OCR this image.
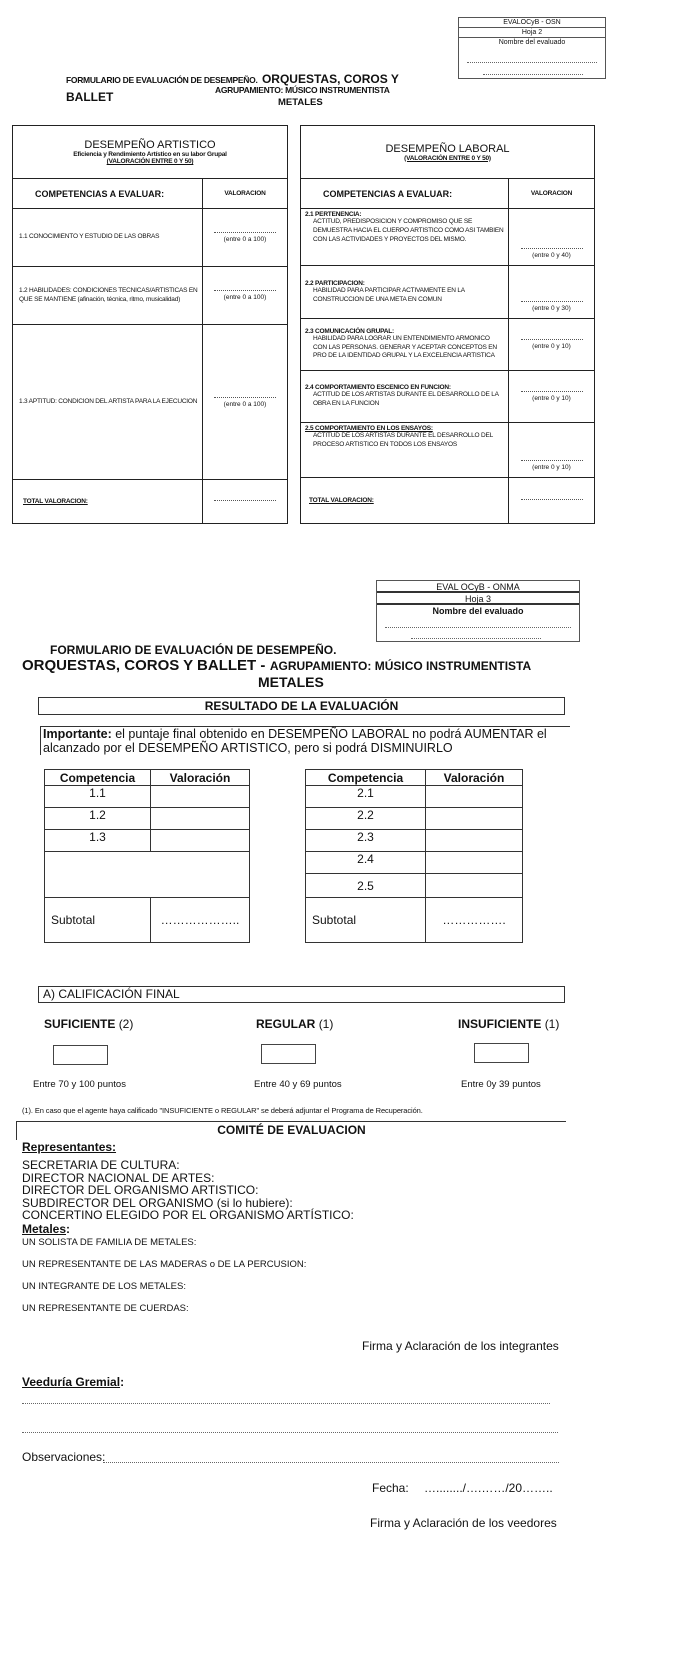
EVALOCyB - OSN
Hoja 2
Nombre del evaluado
FORMULARIO DE EVALUACIÓN DE DESEMPEÑO. ORQUESTAS, COROS Y BALLET	AGRUPAMIENTO: MÚSICO INSTRUMENTISTA
METALES
DESEMPEÑO ARTISTICO
Eficiencia y Rendimiento Artístico en su labor Grupal
(VALORACIÓN ENTRE 0 Y 50)	

COMPETENCIAS A EVALUAR:	VALORACION
1.1 CONOCIMIENTO Y ESTUDIO DE LAS OBRAS	(entre 0 a 100)
1.2 HABILIDADES: CONDICIONES TECNICAS/ARTISTICAS EN QUE SE MANTIENE (afinación, técnica, ritmo, musicalidad)	(entre 0 a 100)
1.3 APTITUD: CONDICION DEL ARTISTA PARA LA EJECUCION	(entre 0 a 100)
TOTAL VALORACION:	
DESEMPEÑO LABORAL
(VALORACIÓN ENTRE 0 Y 50)	

COMPETENCIAS A EVALUAR:	VALORACION

2.1 PERTENENCIA:
ACTITUD, PREDISPOSICION Y COMPROMISO QUE SE DEMUESTRA HACIA EL CUERPO ARTISTICO COMO ASI TAMBIEN CON LAS ACTIVIDADES Y PROYECTOS DEL MISMO.	(entre 0 y 40)

2.2 PARTICIPACION:
HABILIDAD PARA PARTICIPAR ACTIVAMENTE EN LA CONSTRUCCION DE UNA META EN COMUN	(entre 0 y 30)

2.3 COMUNICACIÓN GRUPAL:
HABILIDAD PARA LOGRAR UN ENTENDIMIENTO ARMONICO CON LAS PERSONAS. GENERAR Y ACEPTAR CONCEPTOS EN PRO DE LA IDENTIDAD GRUPAL Y LA EXCELENCIA ARTISTICA	(entre 0 y 10)

2.4 COMPORTAMIENTO ESCENICO EN FUNCION:
ACTITUD DE LOS ARTISTAS DURANTE EL DESARROLLO DE LA OBRA EN LA FUNCION	(entre 0 y 10)

2.5 COMPORTAMIENTO EN LOS ENSAYOS:
ACTITUD DE LOS ARTISTAS DURANTE EL DESARROLLO DEL PROCESO ARTISTICO EN TODOS LOS ENSAYOS	(entre 0 y 10)
TOTAL VALORACION:	
EVAL OCyB - ONMA
Hoja 3
Nombre del evaluado
FORMULARIO DE EVALUACIÓN DE DESEMPEÑO.
ORQUESTAS, COROS Y BALLET - AGRUPAMIENTO: MÚSICO INSTRUMENTISTA
METALES
RESULTADO DE LA EVALUACIÓN
Importante: el puntaje final obtenido en DESEMPEÑO LABORAL no podrá AUMENTAR el
alcanzado por el DESEMPEÑO ARTISTICO, pero si podrá DISMINUIRLO
Competencia	Valoración
1.1	
1.2	
1.3	

Subtotal	………………..
Competencia	Valoración
2.1	
2.2	
2.3	
2.4	
2.5	
Subtotal	…………….
A) CALIFICACIÓN FINAL
SUFICIENTE (2)	REGULAR (1)	INSUFICIENTE (1)
Entre 70 y 100 puntos	Entre 40 y 69 puntos	Entre 0y 39 puntos
(1). En caso que el agente haya calificado "INSUFICIENTE o REGULAR" se deberá adjuntar el Programa de Recuperación.
COMITÉ DE EVALUACION
Representantes:
SECRETARIA DE CULTURA:
DIRECTOR NACIONAL DE ARTES:
DIRECTOR DEL ORGANISMO ARTISTICO:
SUBDIRECTOR DEL ORGANISMO (si lo hubiere):
CONCERTINO ELEGIDO POR EL ORGANISMO ARTÍSTICO:
Metales:
UN SOLISTA DE FAMILIA DE METALES:
UN REPRESENTANTE DE LAS MADERAS o DE LA PERCUSION:
UN INTEGRANTE DE LOS METALES:
UN REPRESENTANTE DE CUERDAS:
Firma y Aclaración de los integrantes
Veeduría Gremial:
Observaciones:
Fecha: …......../….……/20……..
Firma y Aclaración de los veedores
